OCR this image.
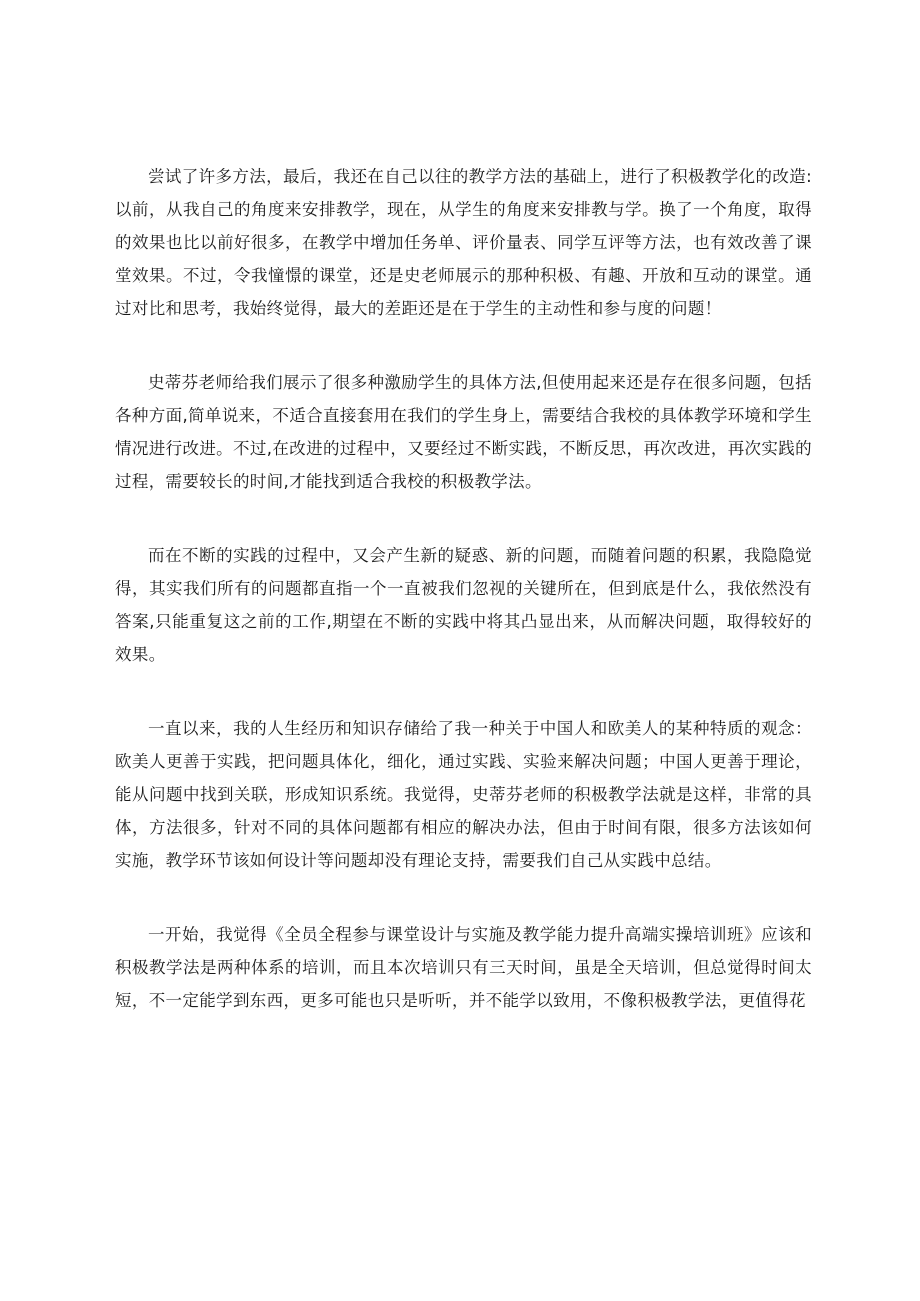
尝试了许多方法，最后，我还在自己以往的教学方法的基础上，进行了积极教学化的改造:以前，从我自己的角度来安排教学，现在，从学生的角度来安排教与学。换了一个角度，取得的效果也比以前好很多，在教学中增加任务单、评价量表、同学互评等方法，也有效改善了课堂效果。不过，令我憧憬的课堂，还是史老师展示的那种积极、有趣、开放和互动的课堂。通过对比和思考，我始终觉得，最大的差距还是在于学生的主动性和参与度的问题！

史蒂芬老师给我们展示了很多种激励学生的具体方法,但使用起来还是存在很多问题，包括各种方面,简单说来，不适合直接套用在我们的学生身上，需要结合我校的具体教学环境和学生情况进行改进。不过,在改进的过程中，又要经过不断实践，不断反思，再次改进，再次实践的过程，需要较长的时间,才能找到适合我校的积极教学法。

而在不断的实践的过程中，又会产生新的疑惑、新的问题，而随着问题的积累，我隐隐觉得，其实我们所有的问题都直指一个一直被我们忽视的关键所在，但到底是什么，我依然没有答案,只能重复这之前的工作,期望在不断的实践中将其凸显出来，从而解决问题，取得较好的效果。

一直以来，我的人生经历和知识存储给了我一种关于中国人和欧美人的某种特质的观念：欧美人更善于实践，把问题具体化，细化，通过实践、实验来解决问题；中国人更善于理论，能从问题中找到关联，形成知识系统。我觉得，史蒂芬老师的积极教学法就是这样，非常的具体，方法很多，针对不同的具体问题都有相应的解决办法，但由于时间有限，很多方法该如何实施，教学环节该如何设计等问题却没有理论支持，需要我们自己从实践中总结。

一开始，我觉得《全员全程参与课堂设计与实施及教学能力提升高端实操培训班》应该和积极教学法是两种体系的培训，而且本次培训只有三天时间，虽是全天培训，但总觉得时间太短，不一定能学到东西，更多可能也只是听听，并不能学以致用，不像积极教学法，更值得花
